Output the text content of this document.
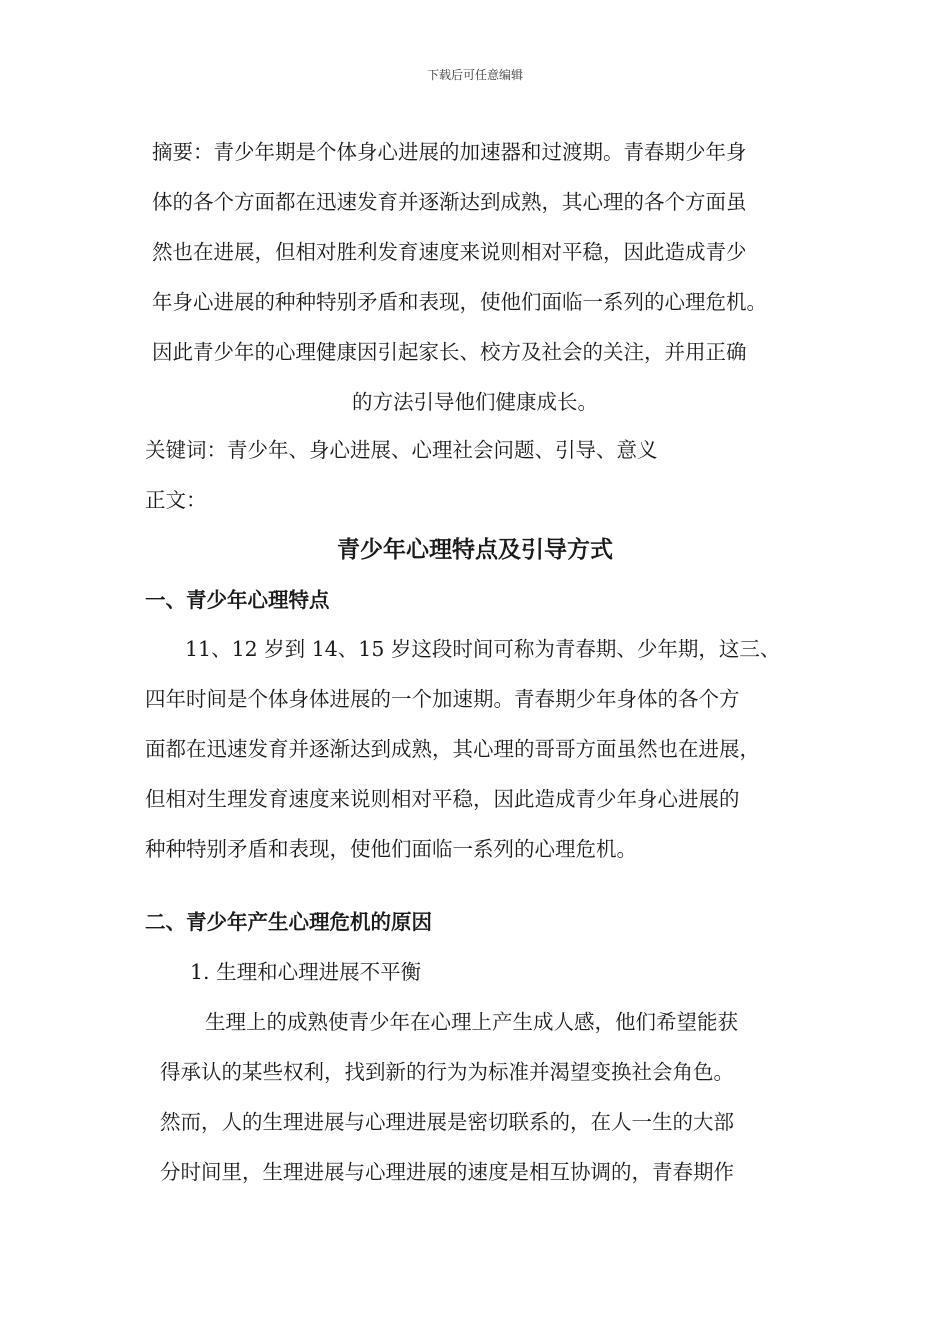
下载后可任意编辑
摘要：青少年期是个体身心进展的加速器和过渡期。青春期少年身
体的各个方面都在迅速发育并逐渐达到成熟，其心理的各个方面虽
然也在进展，但相对胜利发育速度来说则相对平稳，因此造成青少
年身心进展的种种特别矛盾和表现，使他们面临一系列的心理危机。
因此青少年的心理健康因引起家长、校方及社会的关注，并用正确
的方法引导他们健康成长。
关键词：青少年、身心进展、心理社会问题、引导、意义
正文：
青少年心理特点及引导方式
一、青少年心理特点
11、12 岁到 14、15 岁这段时间可称为青春期、少年期，这三、
四年时间是个体身体进展的一个加速期。青春期少年身体的各个方
面都在迅速发育并逐渐达到成熟，其心理的哥哥方面虽然也在进展，
但相对生理发育速度来说则相对平稳，因此造成青少年身心进展的
种种特别矛盾和表现，使他们面临一系列的心理危机。
二、青少年产生心理危机的原因
1. 生理和心理进展不平衡
生理上的成熟使青少年在心理上产生成人感，他们希望能获
得承认的某些权利，找到新的行为为标准并渴望变换社会角色。
然而，人的生理进展与心理进展是密切联系的，在人一生的大部
分时间里，生理进展与心理进展的速度是相互协调的，青春期作
